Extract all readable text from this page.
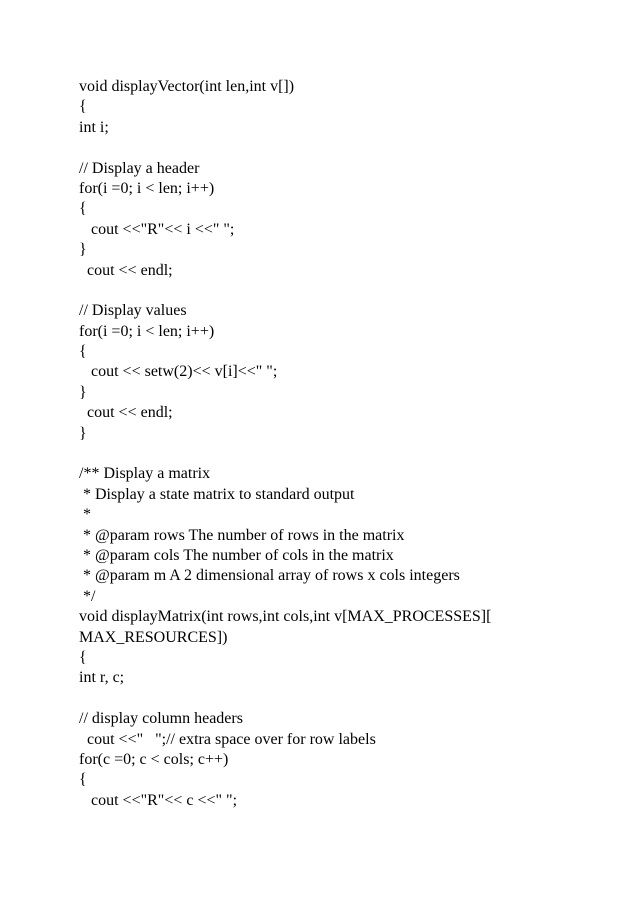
void displayVector(int len,int v[])
{
int i;
// Display a header
for(i =0; i < len; i++)
{
cout <<"R"<< i <<" ";
}
cout << endl;
// Display values
for(i =0; i < len; i++)
{
cout << setw(2)<< v[i]<<" ";
}
cout << endl;
}
/** Display a matrix
* Display a state matrix to standard output
*
* @param rows The number of rows in the matrix
* @param cols The number of cols in the matrix
* @param m A 2 dimensional array of rows x cols integers
*/
void displayMatrix(int rows,int cols,int v[MAX_PROCESSES][
MAX_RESOURCES])
{
int r, c;
// display column headers
cout <<"   ";// extra space over for row labels
for(c =0; c < cols; c++)
{
cout <<"R"<< c <<" ";
